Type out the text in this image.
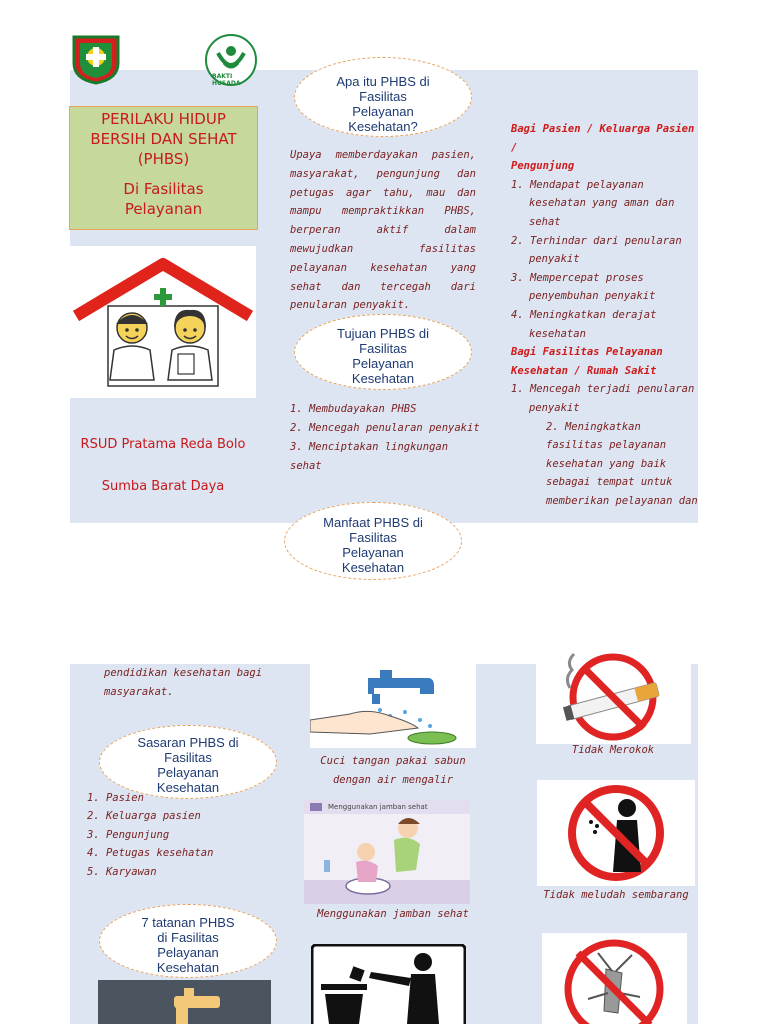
BAKTI HUSADA
PERILAKU HIDUP
BERSIH DAN SEHAT
(PHBS)
Di Fasilitas
Pelayanan
RSUD Pratama Reda Bolo
Sumba Barat Daya
Apa itu PHBS di
Fasilitas
Pelayanan
Kesehatan?
Upaya memberdayakan pasien, masyarakat, pengunjung dan petugas agar tahu, mau dan mampu mempraktikkan PHBS, berperan aktif dalam mewujudkan fasilitas pelayanan kesehatan yang sehat dan tercegah dari penularan penyakit.
Tujuan PHBS di
Fasilitas
Pelayanan
Kesehatan
1. Membudayakan PHBS
2. Mencegah penularan penyakit
3. Menciptakan lingkungan sehat
Bagi Pasien / Keluarga Pasien /
Pengunjung
1. Mendapat pelayanan
kesehatan yang aman dan
sehat
2. Terhindar dari penularan
penyakit
3. Mempercepat proses
penyembuhan penyakit
4. Meningkatkan derajat
kesehatan
Bagi Fasilitas Pelayanan
Kesehatan / Rumah Sakit
1. Mencegah terjadi penularan
penyakit
2. Meningkatkan
fasilitas pelayanan
kesehatan yang baik
sebagai tempat untuk
memberikan pelayanan dan
Manfaat PHBS di
Fasilitas
Pelayanan
Kesehatan
pendidikan kesehatan bagi
masyarakat.
Sasaran PHBS di
Fasilitas
Pelayanan
Kesehatan
1. Pasien
2. Keluarga pasien
3. Pengunjung
4. Petugas kesehatan
5. Karyawan
7 tatanan PHBS
di Fasilitas
Pelayanan
Kesehatan
Cuci tangan pakai sabun
dengan air mengalir
Menggunakan jamban sehat
Menggunakan jamban sehat
Tidak Merokok
Tidak meludah sembarang
